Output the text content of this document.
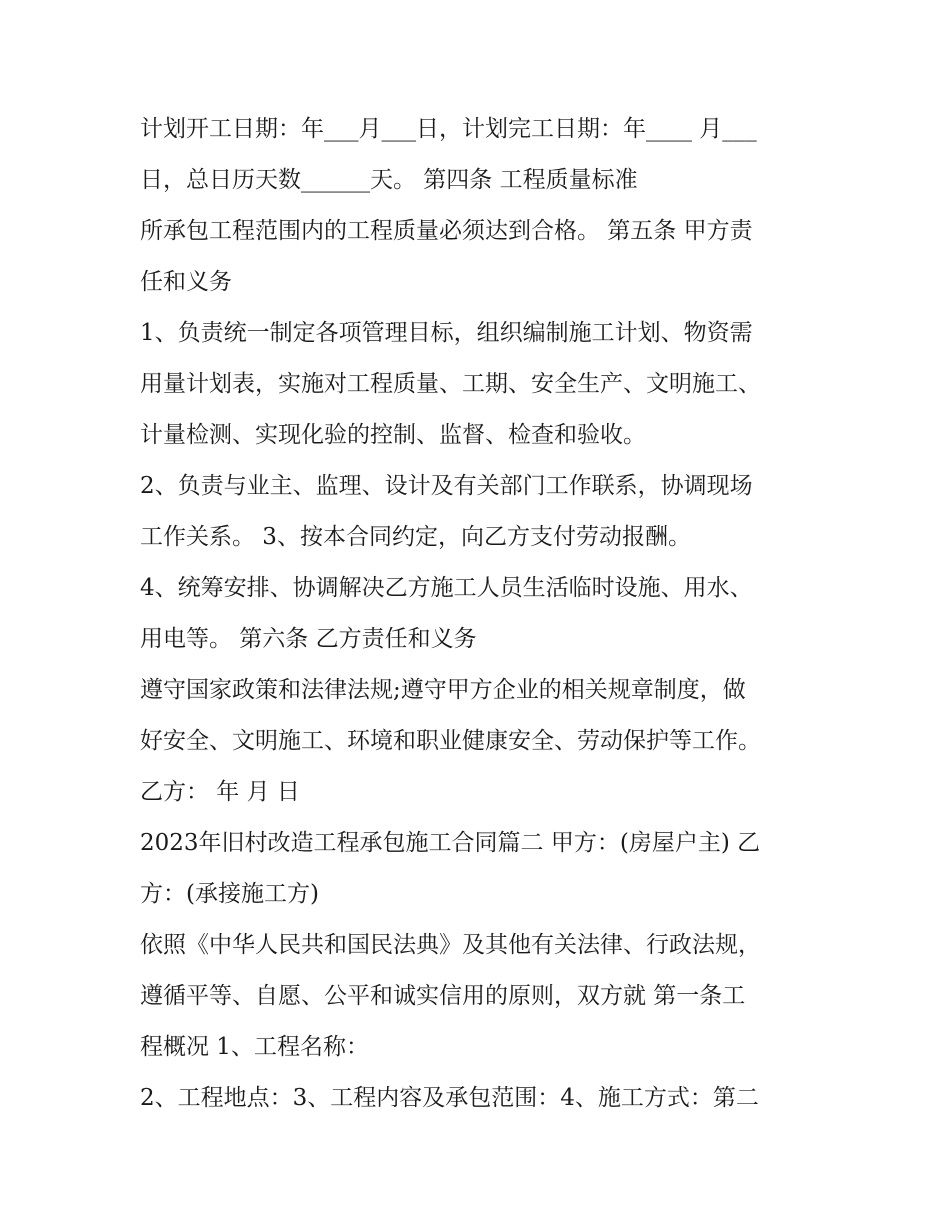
计划开工日期：年___月___日，计划完工日期：年____ 月___
日，总日历天数______天。 第四条 工程质量标准
所承包工程范围内的工程质量必须达到合格。 第五条 甲方责
任和义务
1、负责统一制定各项管理目标，组织编制施工计划、物资需
用量计划表，实施对工程质量、工期、安全生产、文明施工、
计量检测、实现化验的控制、监督、检查和验收。
2、负责与业主、监理、设计及有关部门工作联系，协调现场
工作关系。 3、按本合同约定，向乙方支付劳动报酬。
4、统筹安排、协调解决乙方施工人员生活临时设施、用水、
用电等。 第六条 乙方责任和义务
遵守国家政策和法律法规;遵守甲方企业的相关规章制度，做
好安全、文明施工、环境和职业健康安全、劳动保护等工作。
乙方： 年 月 日
2023年旧村改造工程承包施工合同篇二 甲方：(房屋户主) 乙
方：(承接施工方)
依照《中华人民共和国民法典》及其他有关法律、行政法规，
遵循平等、自愿、公平和诚实信用的原则，双方就 第一条工
程概况 1、工程名称：
2、工程地点：3、工程内容及承包范围：4、施工方式：第二
